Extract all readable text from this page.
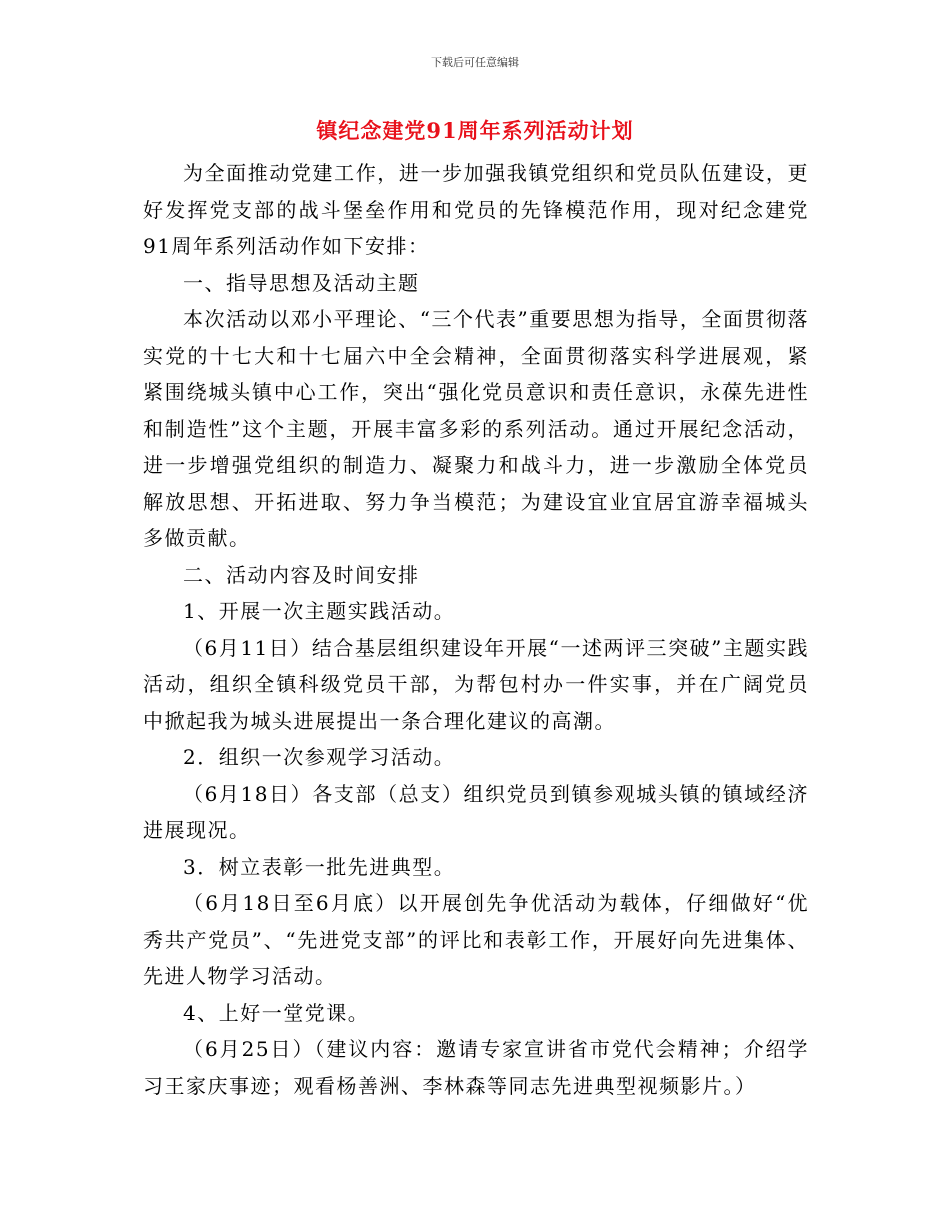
下载后可任意编辑
镇纪念建党91周年系列活动计划

为全面推动党建工作，进一步加强我镇党组织和党员队伍建设，更好发挥党支部的战斗堡垒作用和党员的先锋模范作用，现对纪念建党91周年系列活动作如下安排：

一、指导思想及活动主题

本次活动以邓小平理论、“三个代表”重要思想为指导，全面贯彻落实党的十七大和十七届六中全会精神，全面贯彻落实科学进展观，紧紧围绕城头镇中心工作，突出“强化党员意识和责任意识，永葆先进性和制造性”这个主题，开展丰富多彩的系列活动。通过开展纪念活动，进一步增强党组织的制造力、凝聚力和战斗力，进一步激励全体党员解放思想、开拓进取、努力争当模范；为建设宜业宜居宜游幸福城头多做贡献。

二、活动内容及时间安排

1、开展一次主题实践活动。

（6月11日）结合基层组织建设年开展“一述两评三突破”主题实践活动，组织全镇科级党员干部，为帮包村办一件实事，并在广阔党员中掀起我为城头进展提出一条合理化建议的高潮。

2．组织一次参观学习活动。

（6月18日）各支部（总支）组织党员到镇参观城头镇的镇域经济进展现况。

3．树立表彰一批先进典型。

（6月18日至6月底）以开展创先争优活动为载体，仔细做好“优秀共产党员”、“先进党支部”的评比和表彰工作，开展好向先进集体、先进人物学习活动。

4、上好一堂党课。

（6月25日）（建议内容：邀请专家宣讲省市党代会精神；介绍学习王家庆事迹；观看杨善洲、李林森等同志先进典型视频影片。）
